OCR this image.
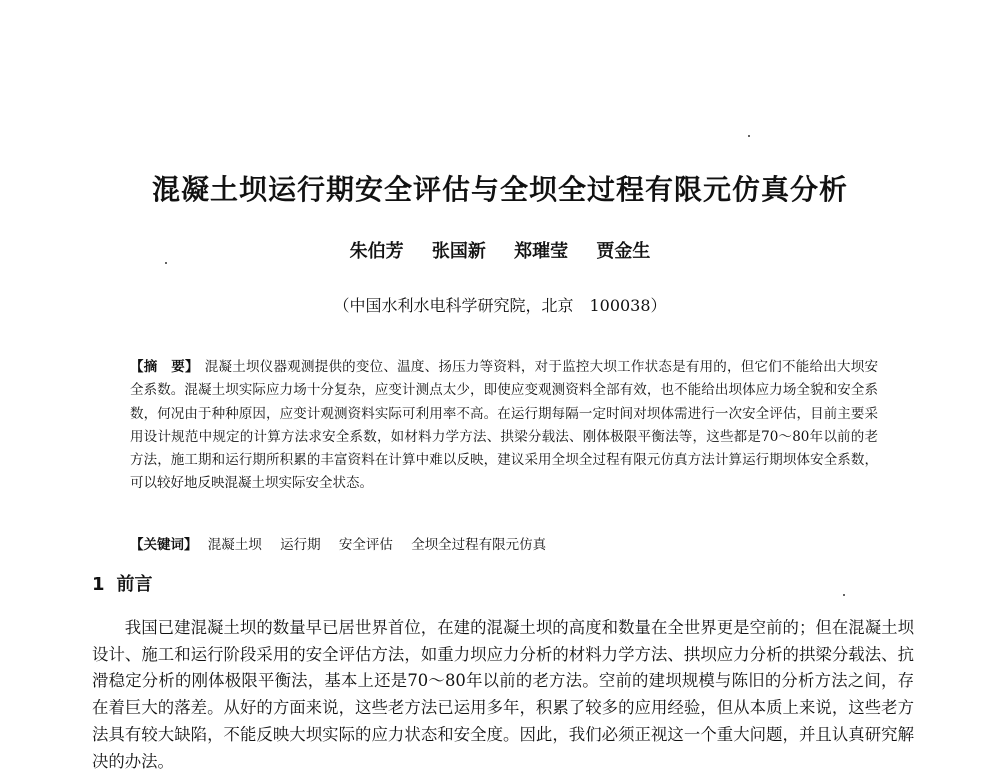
混凝土坝运行期安全评估与全坝全过程有限元仿真分析
朱伯芳 张国新 郑璀莹 贾金生
（中国水利水电科学研究院，北京　100038）
【摘　要】 混凝土坝仪器观测提供的变位、温度、扬压力等资料，对于监控大坝工作状态是有用的，但它们不能给出大坝安全系数。混凝土坝实际应力场十分复杂，应变计测点太少，即使应变观测资料全部有效，也不能给出坝体应力场全貌和安全系数，何况由于种种原因，应变计观测资料实际可利用率不高。在运行期每隔一定时间对坝体需进行一次安全评估，目前主要采用设计规范中规定的计算方法求安全系数，如材料力学方法、拱梁分载法、刚体极限平衡法等，这些都是70～80年以前的老方法，施工期和运行期所积累的丰富资料在计算中难以反映，建议采用全坝全过程有限元仿真方法计算运行期坝体安全系数，可以较好地反映混凝土坝实际安全状态。
【关键词】 混凝土坝 运行期 安全评估 全坝全过程有限元仿真
1 前言

我国已建混凝土坝的数量早已居世界首位，在建的混凝土坝的高度和数量在全世界更是空前的；但在混凝土坝设计、施工和运行阶段采用的安全评估方法，如重力坝应力分析的材料力学方法、拱坝应力分析的拱梁分载法、抗滑稳定分析的刚体极限平衡法，基本上还是70～80年以前的老方法。空前的建坝规模与陈旧的分析方法之间，存在着巨大的落差。从好的方面来说，这些老方法已运用多年，积累了较多的应用经验，但从本质上来说，这些老方法具有较大缺陷，不能反映大坝实际的应力状态和安全度。因此，我们必须正视这一个重大问题，并且认真研究解决的办法。
